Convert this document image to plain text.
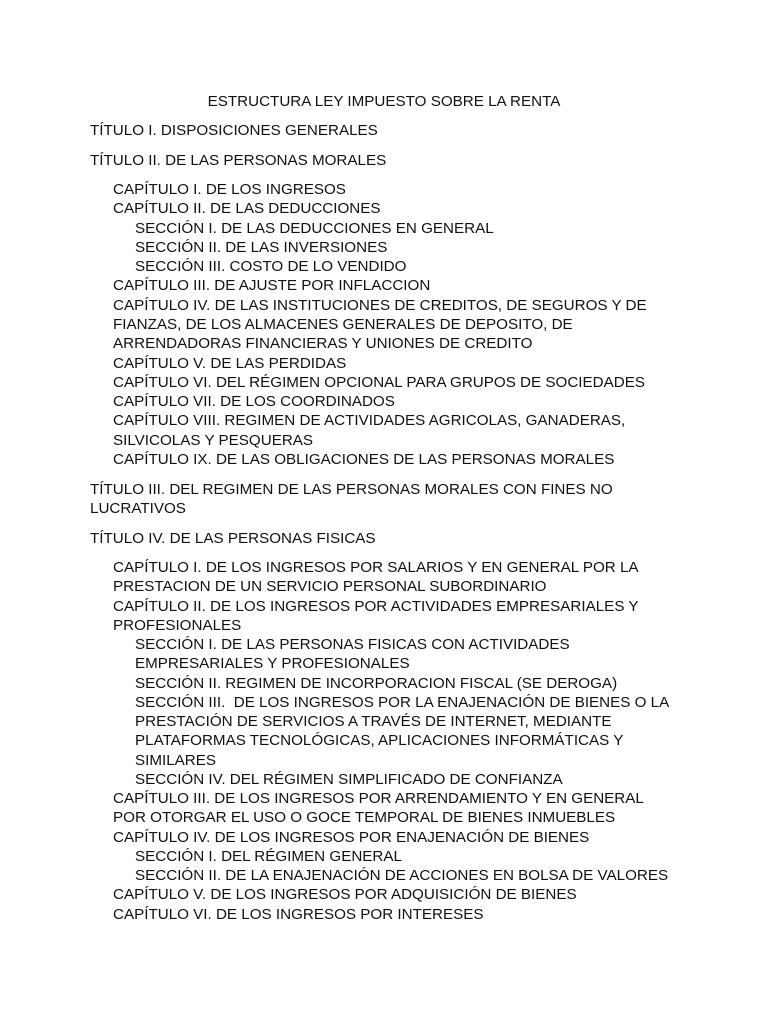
ESTRUCTURA LEY IMPUESTO SOBRE LA RENTA
TÍTULO I. DISPOSICIONES GENERALES
TÍTULO II. DE LAS PERSONAS MORALES
CAPÍTULO I. DE LOS INGRESOS
CAPÍTULO II. DE LAS DEDUCCIONES
SECCIÓN I. DE LAS DEDUCCIONES EN GENERAL
SECCIÓN II. DE LAS INVERSIONES
SECCIÓN III. COSTO DE LO VENDIDO
CAPÍTULO III. DE AJUSTE POR INFLACCION
CAPÍTULO IV. DE LAS INSTITUCIONES DE CREDITOS, DE SEGUROS Y DE
FIANZAS, DE LOS ALMACENES GENERALES DE DEPOSITO, DE
ARRENDADORAS FINANCIERAS Y UNIONES DE CREDITO
CAPÍTULO V. DE LAS PERDIDAS
CAPÍTULO VI. DEL RÉGIMEN OPCIONAL PARA GRUPOS DE SOCIEDADES
CAPÍTULO VII. DE LOS COORDINADOS
CAPÍTULO VIII. REGIMEN DE ACTIVIDADES AGRICOLAS, GANADERAS,
SILVICOLAS Y PESQUERAS
CAPÍTULO IX. DE LAS OBLIGACIONES DE LAS PERSONAS MORALES
TÍTULO III. DEL REGIMEN DE LAS PERSONAS MORALES CON FINES NO
LUCRATIVOS
TÍTULO IV. DE LAS PERSONAS FISICAS
CAPÍTULO I. DE LOS INGRESOS POR SALARIOS Y EN GENERAL POR LA
PRESTACION DE UN SERVICIO PERSONAL SUBORDINARIO
CAPÍTULO II. DE LOS INGRESOS POR ACTIVIDADES EMPRESARIALES Y
PROFESIONALES
SECCIÓN I. DE LAS PERSONAS FISICAS CON ACTIVIDADES
EMPRESARIALES Y PROFESIONALES
SECCIÓN II. REGIMEN DE INCORPORACION FISCAL (SE DEROGA)
SECCIÓN III.  DE LOS INGRESOS POR LA ENAJENACIÓN DE BIENES O LA
PRESTACIÓN DE SERVICIOS A TRAVÉS DE INTERNET, MEDIANTE
PLATAFORMAS TECNOLÓGICAS, APLICACIONES INFORMÁTICAS Y
SIMILARES
SECCIÓN IV. DEL RÉGIMEN SIMPLIFICADO DE CONFIANZA
CAPÍTULO III. DE LOS INGRESOS POR ARRENDAMIENTO Y EN GENERAL
POR OTORGAR EL USO O GOCE TEMPORAL DE BIENES INMUEBLES
CAPÍTULO IV. DE LOS INGRESOS POR ENAJENACIÓN DE BIENES
SECCIÓN I. DEL RÉGIMEN GENERAL
SECCIÓN II. DE LA ENAJENACIÓN DE ACCIONES EN BOLSA DE VALORES
CAPÍTULO V. DE LOS INGRESOS POR ADQUISICIÓN DE BIENES
CAPÍTULO VI. DE LOS INGRESOS POR INTERESES
